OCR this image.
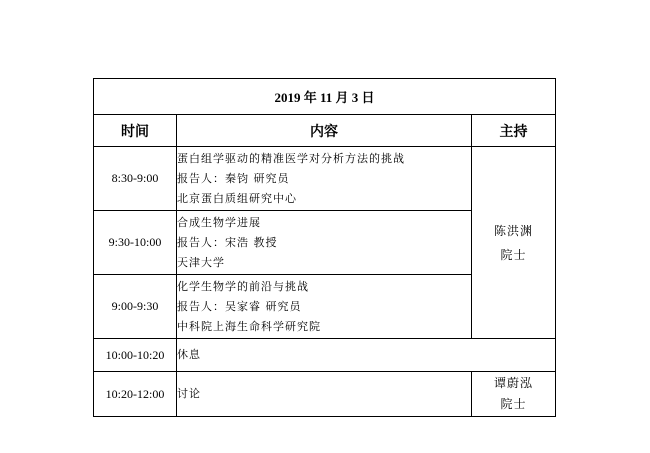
2019 年 11 月 3 日		
时间	内容	主持
8:30-9:00	蛋白组学驱动的精准医学对分析方法的挑战
报告人：秦钧 研究员
北京蛋白质组研究中心	陈洪渊
院士

9:30-10:00	合成生物学进展
报告人：宋浩 教授
天津大学	

9:00-9:30	化学生物学的前沿与挑战
报告人：吴家睿 研究员
中科院上海生命科学研究院	

10:00-10:20	休息	

10:20-12:00	讨论	谭蔚泓
院士
